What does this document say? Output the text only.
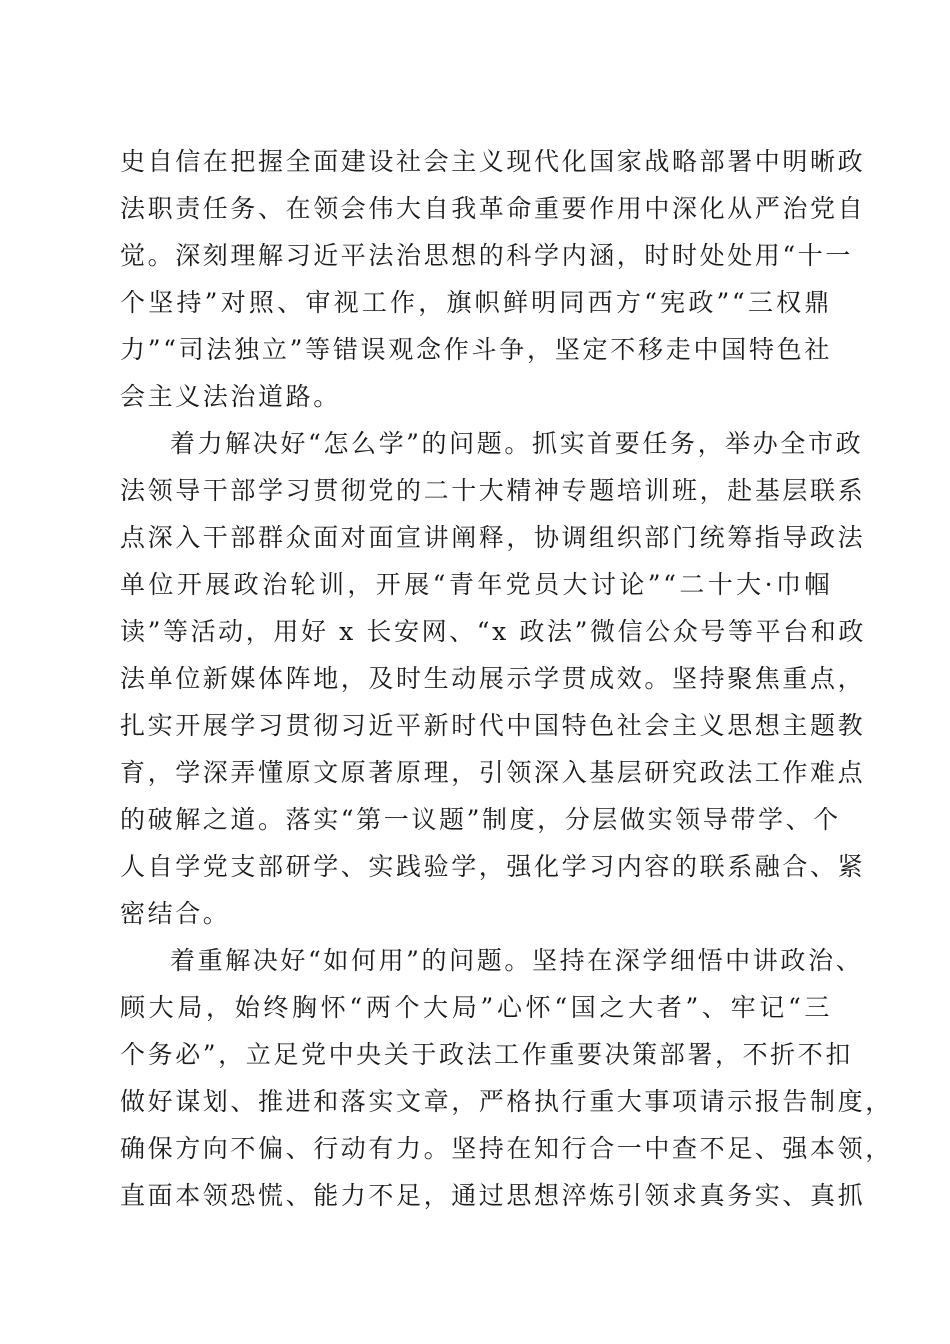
史自信在把握全面建设社会主义现代化国家战略部署中明晰政
法职责任务、在领会伟大自我革命重要作用中深化从严治党自
觉。深刻理解习近平法治思想的科学内涵，时时处处用“十一
个坚持”对照、审视工作，旗帜鲜明同西方“宪政”“三权鼎
力”“司法独立”等错误观念作斗争，坚定不移走中国特色社
会主义法治道路。
着力解决好“怎么学”的问题。抓实首要任务，举办全市政
法领导干部学习贯彻党的二十大精神专题培训班，赴基层联系
点深入干部群众面对面宣讲阐释，协调组织部门统筹指导政法
单位开展政治轮训，开展“青年党员大讨论”“二十大·巾帼
读”等活动，用好 x 长安网、“x 政法”微信公众号等平台和政
法单位新媒体阵地，及时生动展示学贯成效。坚持聚焦重点，
扎实开展学习贯彻习近平新时代中国特色社会主义思想主题教
育，学深弄懂原文原著原理，引领深入基层研究政法工作难点
的破解之道。落实“第一议题”制度，分层做实领导带学、个
人自学党支部研学、实践验学，强化学习内容的联系融合、紧
密结合。
着重解决好“如何用”的问题。坚持在深学细悟中讲政治、
顾大局，始终胸怀“两个大局”心怀“国之大者”、牢记“三
个务必”，立足党中央关于政法工作重要决策部署，不折不扣
做好谋划、推进和落实文章，严格执行重大事项请示报告制度，
确保方向不偏、行动有力。坚持在知行合一中查不足、强本领，
直面本领恐慌、能力不足，通过思想淬炼引领求真务实、真抓
